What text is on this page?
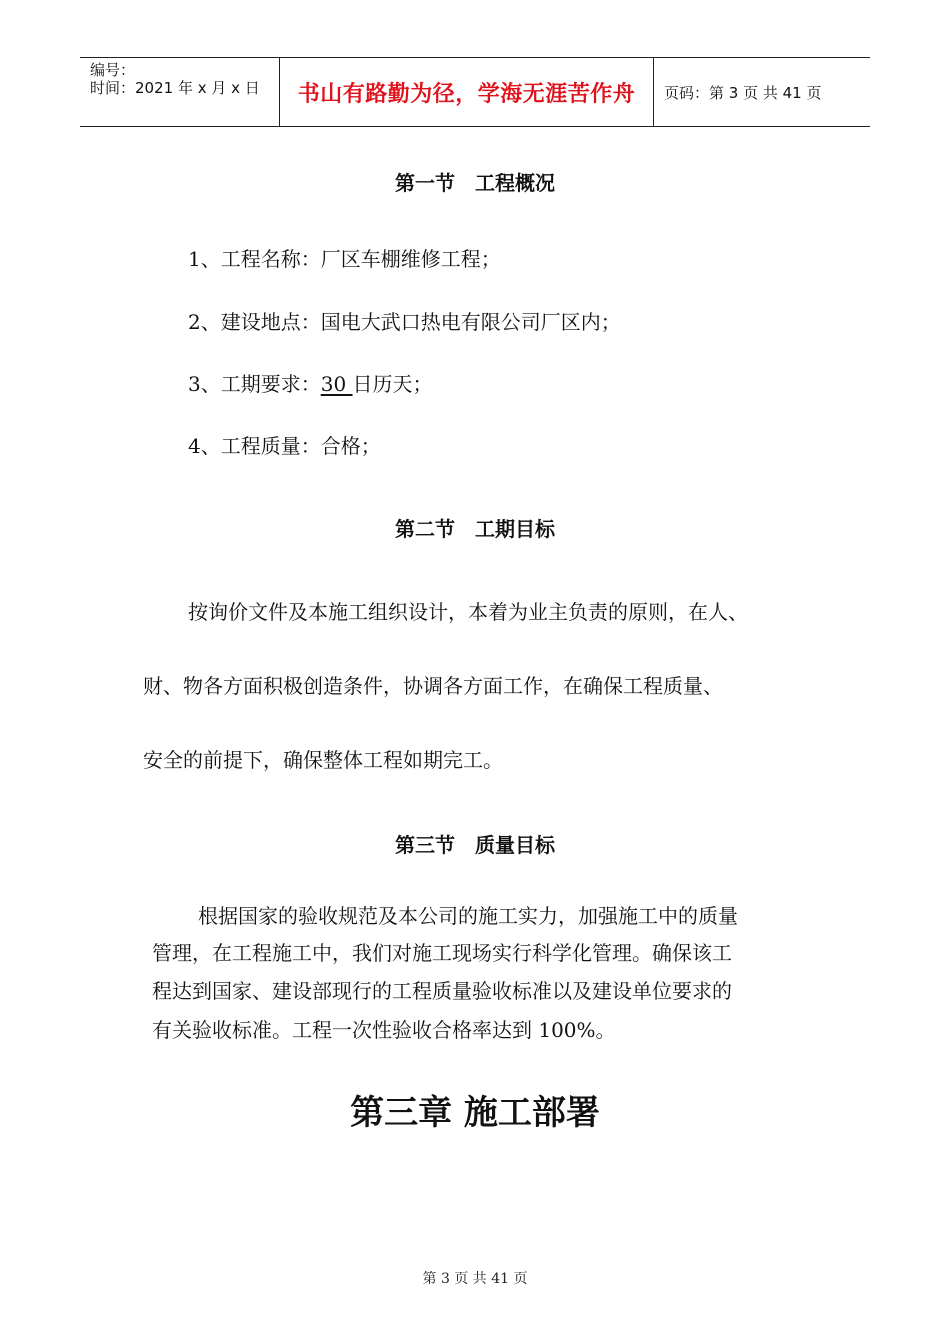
编号：
时间：2021 年 x 月 x 日	书山有路勤为径，学海无涯苦作舟	页码：第 3 页 共 41 页
第一节　工程概况
1、工程名称：厂区车棚维修工程；
2、建设地点：国电大武口热电有限公司厂区内；
3、工期要求：30 日历天；
4、工程质量：合格；
第二节　工期目标
按询价文件及本施工组织设计，本着为业主负责的原则，在人、
财、物各方面积极创造条件，协调各方面工作，在确保工程质量、
安全的前提下，确保整体工程如期完工。
第三节　质量目标
根据国家的验收规范及本公司的施工实力，加强施工中的质量
管理，在工程施工中，我们对施工现场实行科学化管理。确保该工
程达到国家、建设部现行的工程质量验收标准以及建设单位要求的
有关验收标准。工程一次性验收合格率达到 100%。
第三章 施工部署
第 3 页 共 41 页
